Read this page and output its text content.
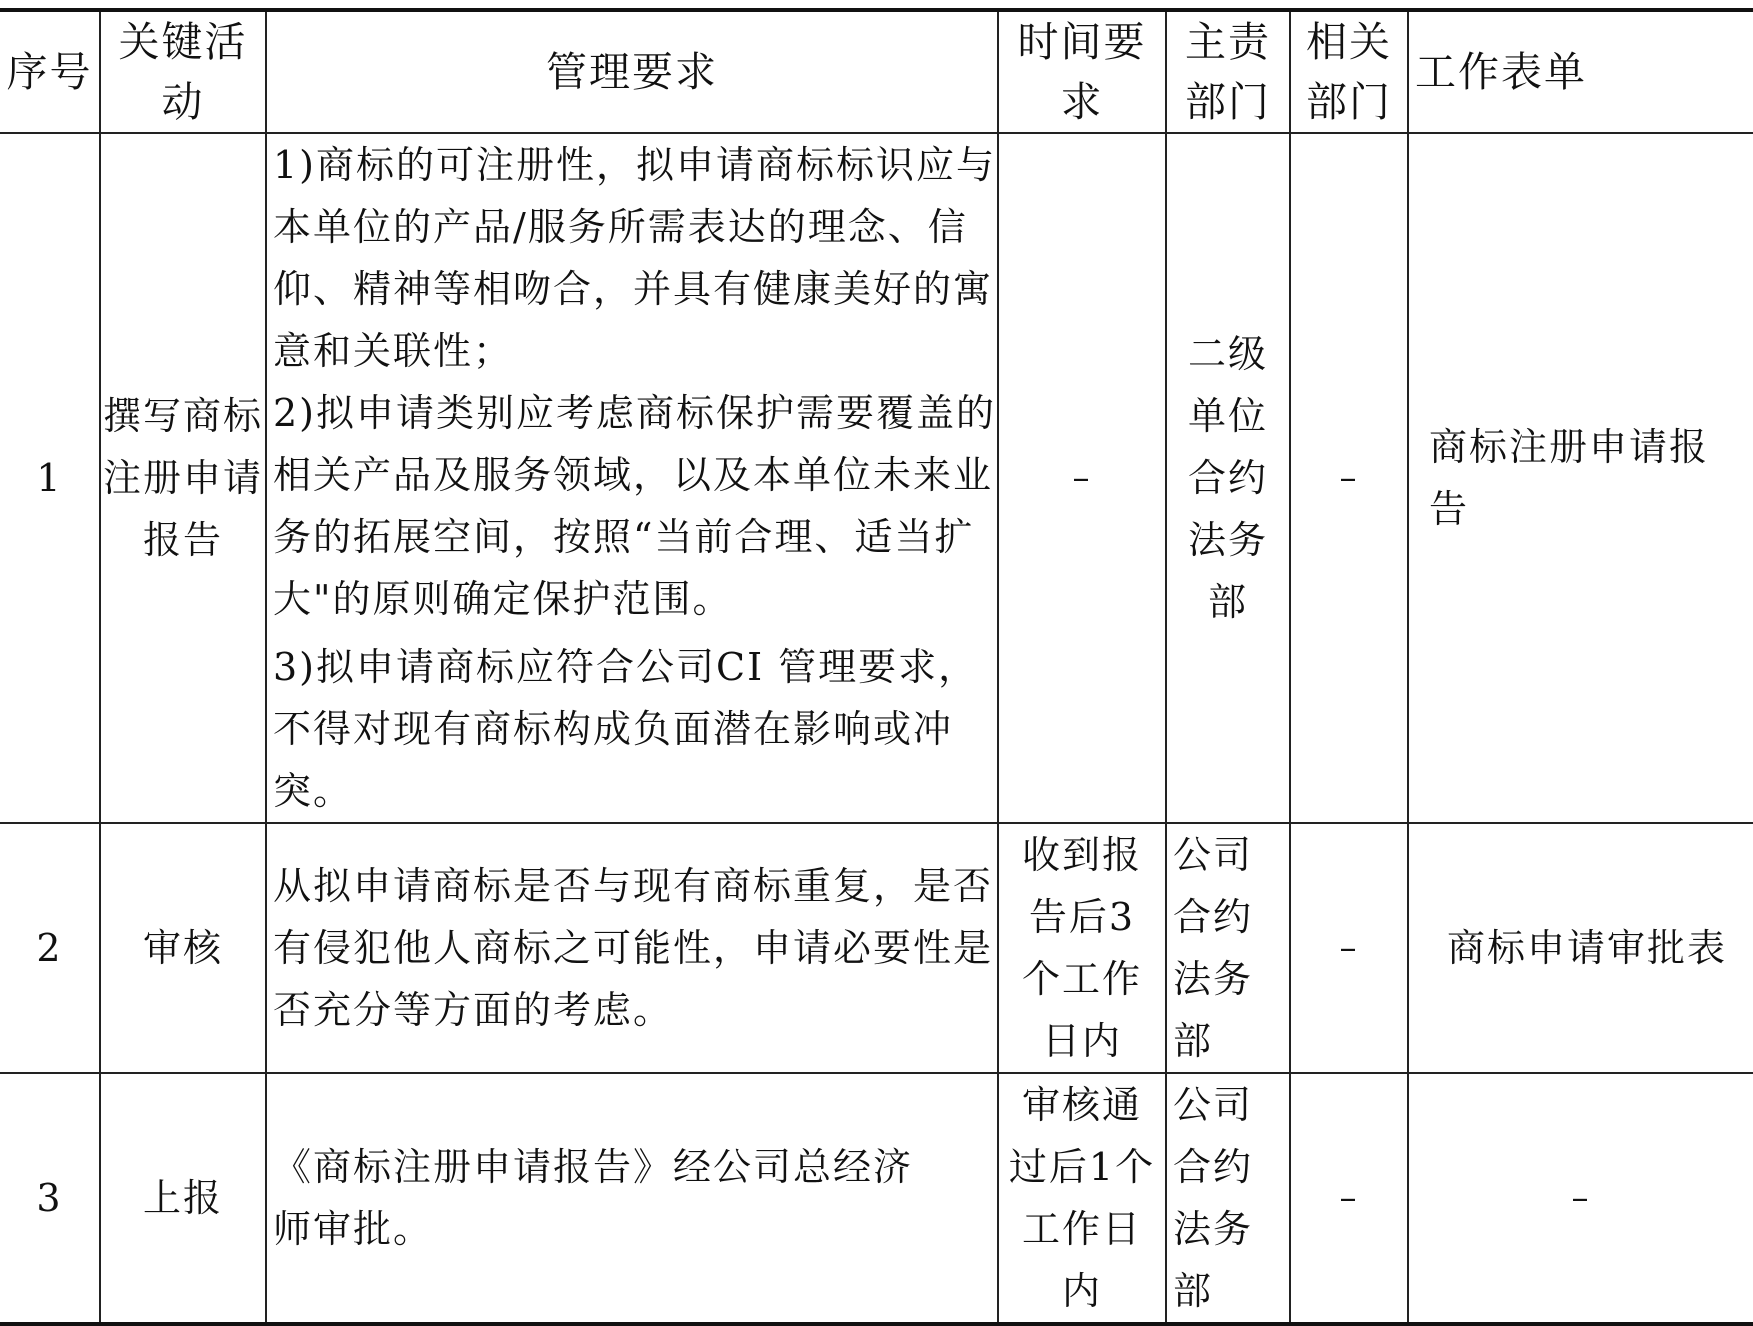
序号	关键活动	管理要求	时间要求	主责部门	相关部门	工作表单
1	撰写商标注册申请报告	1)商标的可注册性，拟申请商标标识应与本单位的产品/服务所需表达的理念、信仰、精神等相吻合，并具有健康美好的寓意和关联性；

2)拟申请类别应考虑商标保护需要覆盖的相关产品及服务领域，以及本单位未来业务的拓展空间，按照“当前合理、适当扩大"的原则确定保护范围。

3)拟申请商标应符合公司CI 管理要求，不得对现有商标构成负面潜在影响或冲突。	–	二级单位合约法务部	–	商标注册申请报告
2	审核	从拟申请商标是否与现有商标重复，是否有侵犯他人商标之可能性，申请必要性是否充分等方面的考虑。	收到报告后3 个工作日内	公司合约法务部	–	商标申请审批表
3	上报	《商标注册申请报告》经公司总经济师审批。	审核通过后1个工作日内	公司合约法务部	–	–
